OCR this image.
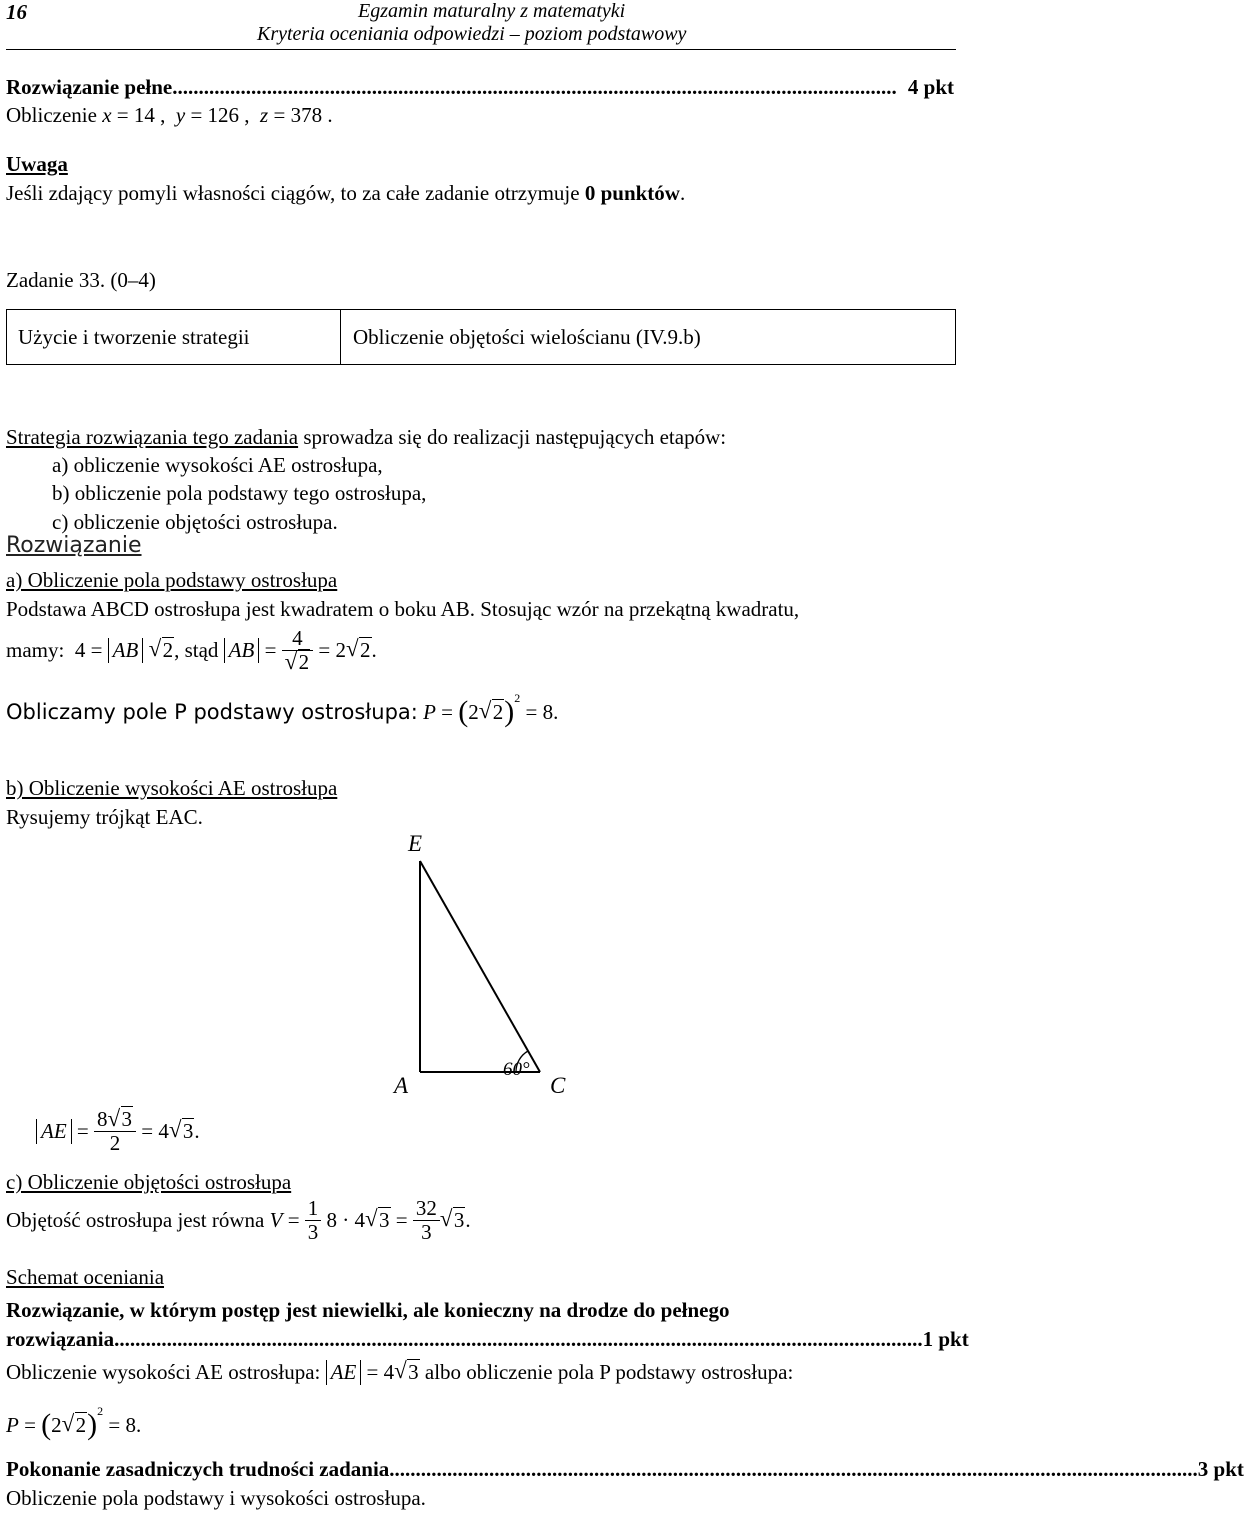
16	Egzamin maturalny z matematyki
Kryteria oceniania odpowiedzi – poziom podstawowy
Rozwiązanie pełne .......................................................................................................................................... 4 pkt
Obliczenie x = 14 ,  y = 126 ,  z = 378 .
Uwaga
Jeśli zdający pomyli własności ciągów, to za całe zadanie otrzymuje 0 punktów.
Zadanie 33. (0–4)
Użycie i tworzenie strategii	Obliczenie objętości wielościanu (IV.9.b)
Strategia rozwiązania tego zadania sprowadza się do realizacji następujących etapów:
a) obliczenie wysokości AE ostrosłupa,
b) obliczenie pola podstawy tego ostrosłupa,
c) obliczenie objętości ostrosłupa.
Rozwiązanie
a) Obliczenie pola podstawy ostrosłupa
Podstawa ABCD ostrosłupa jest kwadratem o boku AB. Stosując wzór na przekątną kwadratu,
mamy: 4 = AB
	√ 2 , stąd
AB = 4
√ 2 = 2 √ 2 .
Obliczamy pole P podstawy ostrosłupa:
P = ( 2 √ 2 )$^2$
= 8.
b) Obliczenie wysokości AE ostrosłupa
Rysujemy trójkąt EAC.
E
A	C
60°
AE = $\frac{8 √ 3}{2} = 4$ √ 3 .
c) Obliczenie objętości ostrosłupa
Objętość ostrosłupa jest równa
$V = \frac{1}{3} 8 \cdot 4$ √ $3 = \frac{32}{3}$ √ 3 .
Schemat oceniania
Rozwiązanie, w którym postęp jest niewielki, ale konieczny na drodze do pełnego
rozwiązania .......................................................................................................................................................... 1 pkt
Obliczenie wysokości AE ostrosłupa:
AE = 4 √ 3
albo obliczenie pola P podstawy ostrosłupa:
P = ( 2 √ 2 )$^2$
= 8.
Pokonanie zasadniczych trudności zadania .......................................................................................................................................................... 3 pkt
Obliczenie pola podstawy i wysokości ostrosłupa.
